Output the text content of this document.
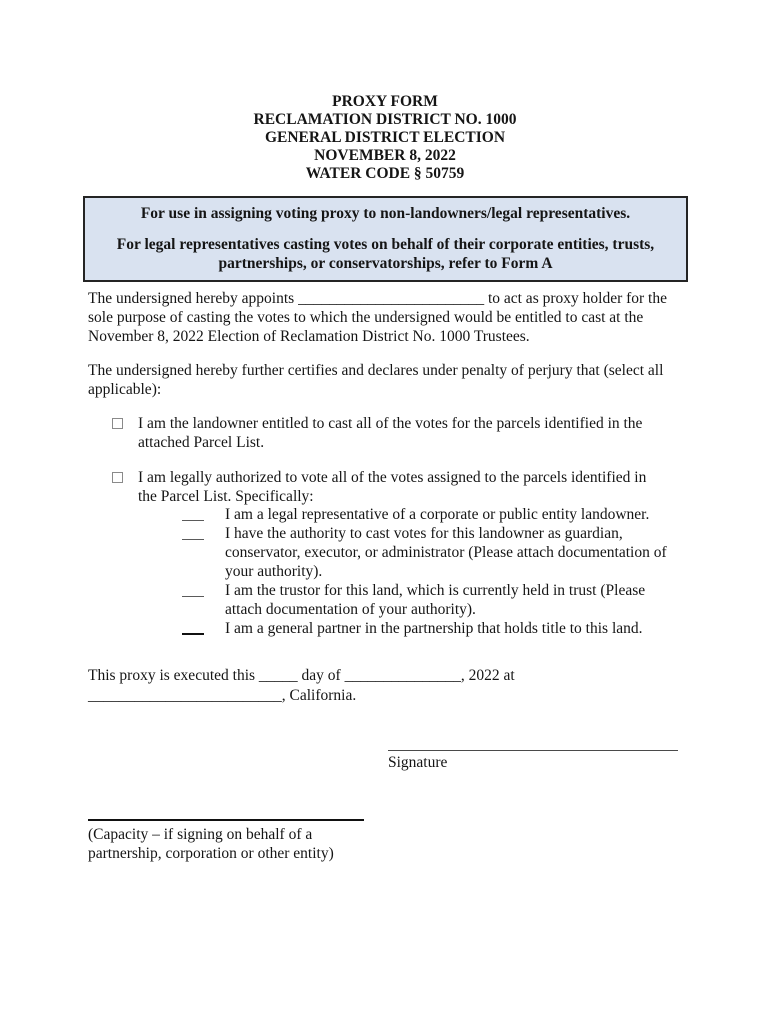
PROXY FORM
RECLAMATION DISTRICT NO. 1000
GENERAL DISTRICT ELECTION
NOVEMBER 8, 2022
WATER CODE § 50759
For use in assigning voting proxy to non-landowners/legal representatives.
For legal representatives casting votes on behalf of their corporate entities, trusts, partnerships, or conservatorships, refer to Form A

The undersigned hereby appoints ________________________ to act as proxy holder for the sole purpose of casting the votes to which the undersigned would be entitled to cast at the November 8, 2022 Election of Reclamation District No. 1000 Trustees.

The undersigned hereby further certifies and declares under penalty of perjury that (select all applicable):

I am the landowner entitled to cast all of the votes for the parcels identified in the attached Parcel List.
I am legally authorized to vote all of the votes assigned to the parcels identified in the Parcel List. Specifically:
I am a legal representative of a corporate or public entity landowner.
I have the authority to cast votes for this landowner as guardian, conservator, executor, or administrator (Please attach documentation of your authority).
I am the trustor for this land, which is currently held in trust (Please attach documentation of your authority).
I am a general partner in the partnership that holds title to this land.

This proxy is executed this _____ day of _______________, 2022 at
_________________________, California.

Signature
(Capacity – if signing on behalf of a
partnership, corporation or other entity)
